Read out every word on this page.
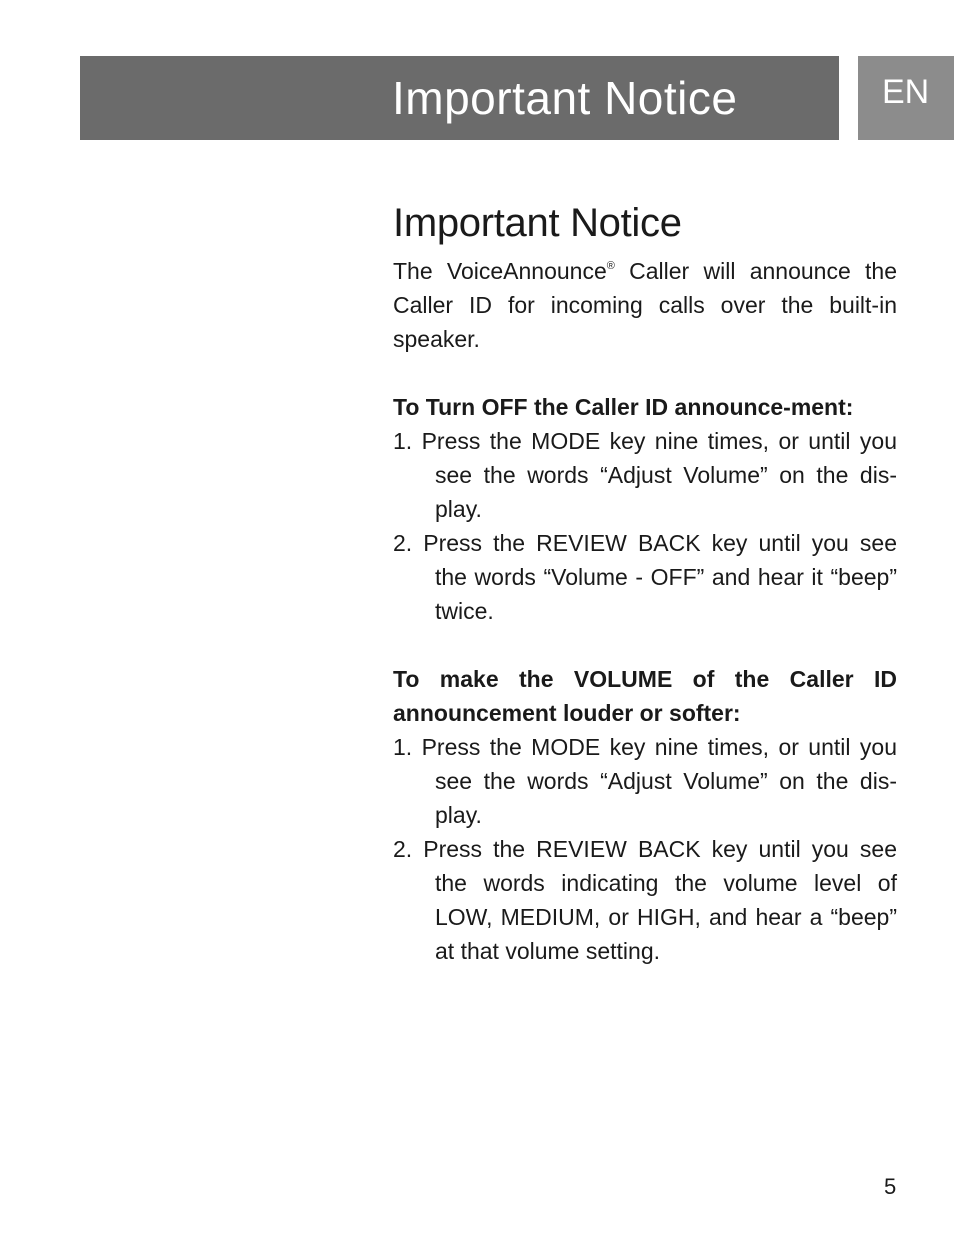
Important Notice	EN
Important Notice

The VoiceAnnounce® Caller will announce the Caller ID for incoming calls over the built-in speaker.

To Turn OFF the Caller ID announce-ment:

1. Press the MODE key nine times, or until you see the words “Adjust Volume” on the dis-play.
2. Press the REVIEW BACK key until you see the words “Volume - OFF” and hear it “beep” twice.

To make the VOLUME of the Caller ID announcement louder or softer:

1. Press the MODE key nine times, or until you see the words “Adjust Volume” on the dis-play.
2. Press the REVIEW BACK key until you see the words indicating the volume level of LOW, MEDIUM, or HIGH, and hear a “beep” at that volume setting.
5
